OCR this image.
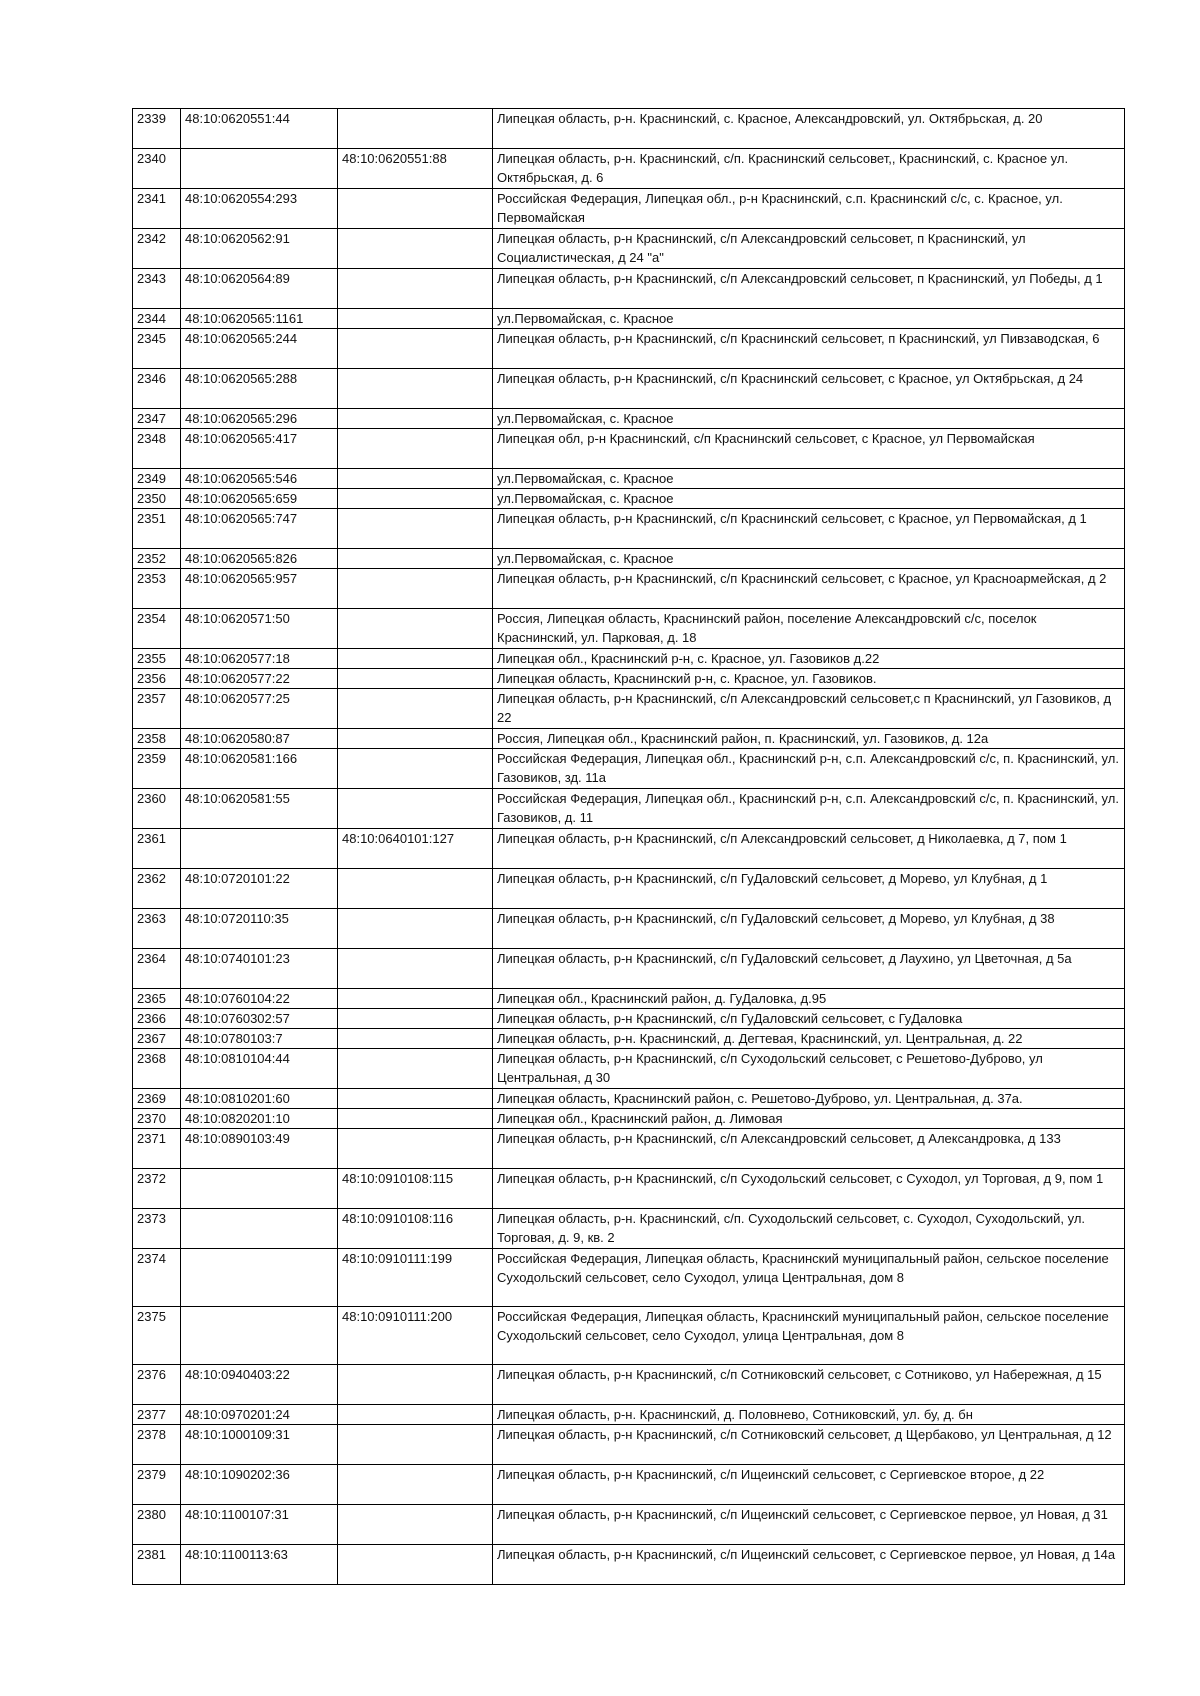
2339	48:10:0620551:44		Липецкая область, р-н. Краснинский, с. Красное, Александровский, ул. Октябрьская, д. 20
2340		48:10:0620551:88	Липецкая область, р-н. Краснинский, с/п. Краснинский сельсовет,, Краснинский, с. Красное ул. Октябрьская, д. 6
2341	48:10:0620554:293		Российская Федерация, Липецкая обл., р-н Краснинский, с.п. Краснинский с/с, с. Красное, ул. Первомайская
2342	48:10:0620562:91		Липецкая область, р-н Краснинский, с/п Александровский сельсовет, п Краснинский, ул Социалистическая, д 24 "а"
2343	48:10:0620564:89		Липецкая область, р-н Краснинский, с/п Александровский сельсовет, п Краснинский, ул Победы, д 1
2344	48:10:0620565:1161		ул.Первомайская, с. Красное
2345	48:10:0620565:244		Липецкая область, р-н Краснинский, с/п Краснинский сельсовет, п Краснинский, ул Пивзаводская, 6
2346	48:10:0620565:288		Липецкая область, р-н Краснинский, с/п Краснинский сельсовет, с Красное, ул Октябрьская, д 24
2347	48:10:0620565:296		ул.Первомайская, с. Красное
2348	48:10:0620565:417		Липецкая обл, р-н Краснинский, с/п Краснинский сельсовет, с Красное, ул Первомайская
2349	48:10:0620565:546		ул.Первомайская, с. Красное
2350	48:10:0620565:659		ул.Первомайская, с. Красное
2351	48:10:0620565:747		Липецкая область, р-н Краснинский, с/п Краснинский сельсовет, с Красное, ул Первомайская, д 1
2352	48:10:0620565:826		ул.Первомайская, с. Красное
2353	48:10:0620565:957		Липецкая область, р-н Краснинский, с/п Краснинский сельсовет, с Красное, ул Красноармейская, д 2
2354	48:10:0620571:50		Россия, Липецкая область, Краснинский район, поселение Александровский с/с, поселок Краснинский, ул. Парковая, д. 18
2355	48:10:0620577:18		Липецкая обл., Краснинский р-н, с. Красное, ул. Газовиков д.22
2356	48:10:0620577:22		Липецкая область, Краснинский р-н, с. Красное, ул. Газовиков.
2357	48:10:0620577:25		Липецкая область, р-н Краснинский, с/п Александровский сельсовет,с п Краснинский, ул Газовиков, д 22
2358	48:10:0620580:87		Россия, Липецкая обл., Краснинский район, п. Краснинский, ул. Газовиков, д. 12а
2359	48:10:0620581:166		Российская Федерация, Липецкая обл., Краснинский р-н, с.п. Александровский с/с, п. Краснинский, ул. Газовиков, зд. 11а
2360	48:10:0620581:55		Российская Федерация, Липецкая обл., Краснинский р-н, с.п. Александровский с/с, п. Краснинский, ул. Газовиков, д. 11
2361		48:10:0640101:127	Липецкая область, р-н Краснинский, с/п Александровский сельсовет, д Николаевка, д 7, пом 1
2362	48:10:0720101:22		Липецкая область, р-н Краснинский, с/п ГуДаловский сельсовет, д Морево, ул Клубная, д 1
2363	48:10:0720110:35		Липецкая область, р-н Краснинский, с/п ГуДаловский сельсовет, д Морево, ул Клубная, д 38
2364	48:10:0740101:23		Липецкая область, р-н Краснинский, с/п ГуДаловский сельсовет, д Лаухино, ул Цветочная, д 5а
2365	48:10:0760104:22		Липецкая обл., Краснинский район, д. ГуДаловка, д.95
2366	48:10:0760302:57		Липецкая область, р-н Краснинский, с/п ГуДаловский сельсовет, с ГуДаловка
2367	48:10:0780103:7		Липецкая область, р-н. Краснинский, д. Дегтевая, Краснинский, ул. Центральная, д. 22
2368	48:10:0810104:44		Липецкая область, р-н Краснинский, с/п Суходольский сельсовет, с Решетово-Дуброво, ул Центральная, д 30
2369	48:10:0810201:60		Липецкая область, Краснинский район, с. Решетово-Дуброво, ул. Центральная, д. 37а.
2370	48:10:0820201:10		Липецкая обл., Краснинский район, д. Лимовая
2371	48:10:0890103:49		Липецкая область, р-н Краснинский, с/п Александровский сельсовет, д Александровка, д 133
2372		48:10:0910108:115	Липецкая область, р-н Краснинский, с/п Суходольский сельсовет, с Суходол, ул Торговая, д 9, пом 1
2373		48:10:0910108:116	Липецкая область, р-н. Краснинский, с/п. Суходольский сельсовет, с. Суходол, Суходольский, ул. Торговая, д. 9, кв. 2
2374		48:10:0910111:199	Российская Федерация, Липецкая область, Краснинский муниципальный район, сельское поселение Суходольский сельсовет, село Суходол, улица Центральная, дом 8
2375		48:10:0910111:200	Российская Федерация, Липецкая область, Краснинский муниципальный район, сельское поселение Суходольский сельсовет, село Суходол, улица Центральная, дом 8
2376	48:10:0940403:22		Липецкая область, р-н Краснинский, с/п Сотниковский сельсовет, с Сотниково, ул Набережная, д 15
2377	48:10:0970201:24		Липецкая область, р-н. Краснинский, д. Половнево, Сотниковский, ул. бу, д. бн
2378	48:10:1000109:31		Липецкая область, р-н Краснинский, с/п Сотниковский сельсовет, д Щербаково, ул Центральная, д 12
2379	48:10:1090202:36		Липецкая область, р-н Краснинский, с/п Ищеинский сельсовет, с Сергиевское второе, д 22
2380	48:10:1100107:31		Липецкая область, р-н Краснинский, с/п Ищеинский сельсовет, с Сергиевское первое, ул Новая, д 31
2381	48:10:1100113:63		Липецкая область, р-н Краснинский, с/п Ищеинский сельсовет, с Сергиевское первое, ул Новая, д 14а
